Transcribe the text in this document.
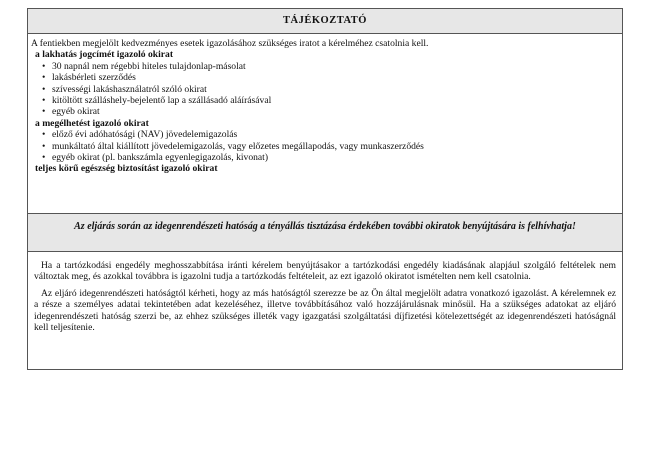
TÁJÉKOZTATÓ

A fentiekben megjelölt kedvezményes esetek igazolásához szükséges iratot a kérelméhez csatolnia kell.

a lakhatás jogcímét igazoló okirat
• 30 napnál nem régebbi hiteles tulajdonlap-másolat
• lakásbérleti szerződés
• szívességi lakáshasználatról szóló okirat
• kitöltött szálláshely-bejelentő lap a szállásadó aláírásával
• egyéb okirat
a megélhetést igazoló okirat
• előző évi adóhatósági (NAV) jövedelemigazolás
• munkáltató által kiállított jövedelemigazolás, vagy előzetes megállapodás, vagy munkaszerződés
• egyéb okirat (pl. bankszámla egyenlegigazolás, kivonat)
teljes körű egészség biztosítást igazoló okirat
Az eljárás során az idegenrendészeti hatóság a tényállás tisztázása érdekében további okiratok benyújtására is felhívhatja!

Ha a tartózkodási engedély meghosszabbítása iránti kérelem benyújtásakor a tartózkodási engedély kiadásának alapjául szolgáló feltételek nem változtak meg, és azokkal továbbra is igazolni tudja a tartózkodás feltételeit, az ezt igazoló okiratot ismételten nem kell csatolnia.

Az eljáró idegenrendészeti hatóságtól kérheti, hogy az más hatóságtól szerezze be az Ön által megjelölt adatra vonatkozó igazolást. A kérelemnek ez a része a személyes adatai tekintetében adat kezeléséhez, illetve továbbításához való hozzájárulásnak minősül. Ha a szükséges adatokat az eljáró idegenrendészeti hatóság szerzi be, az ehhez szükséges illeték vagy igazgatási szolgáltatási díjfizetési kötelezettségét az idegenrendészeti hatóságnál kell teljesítenie.
